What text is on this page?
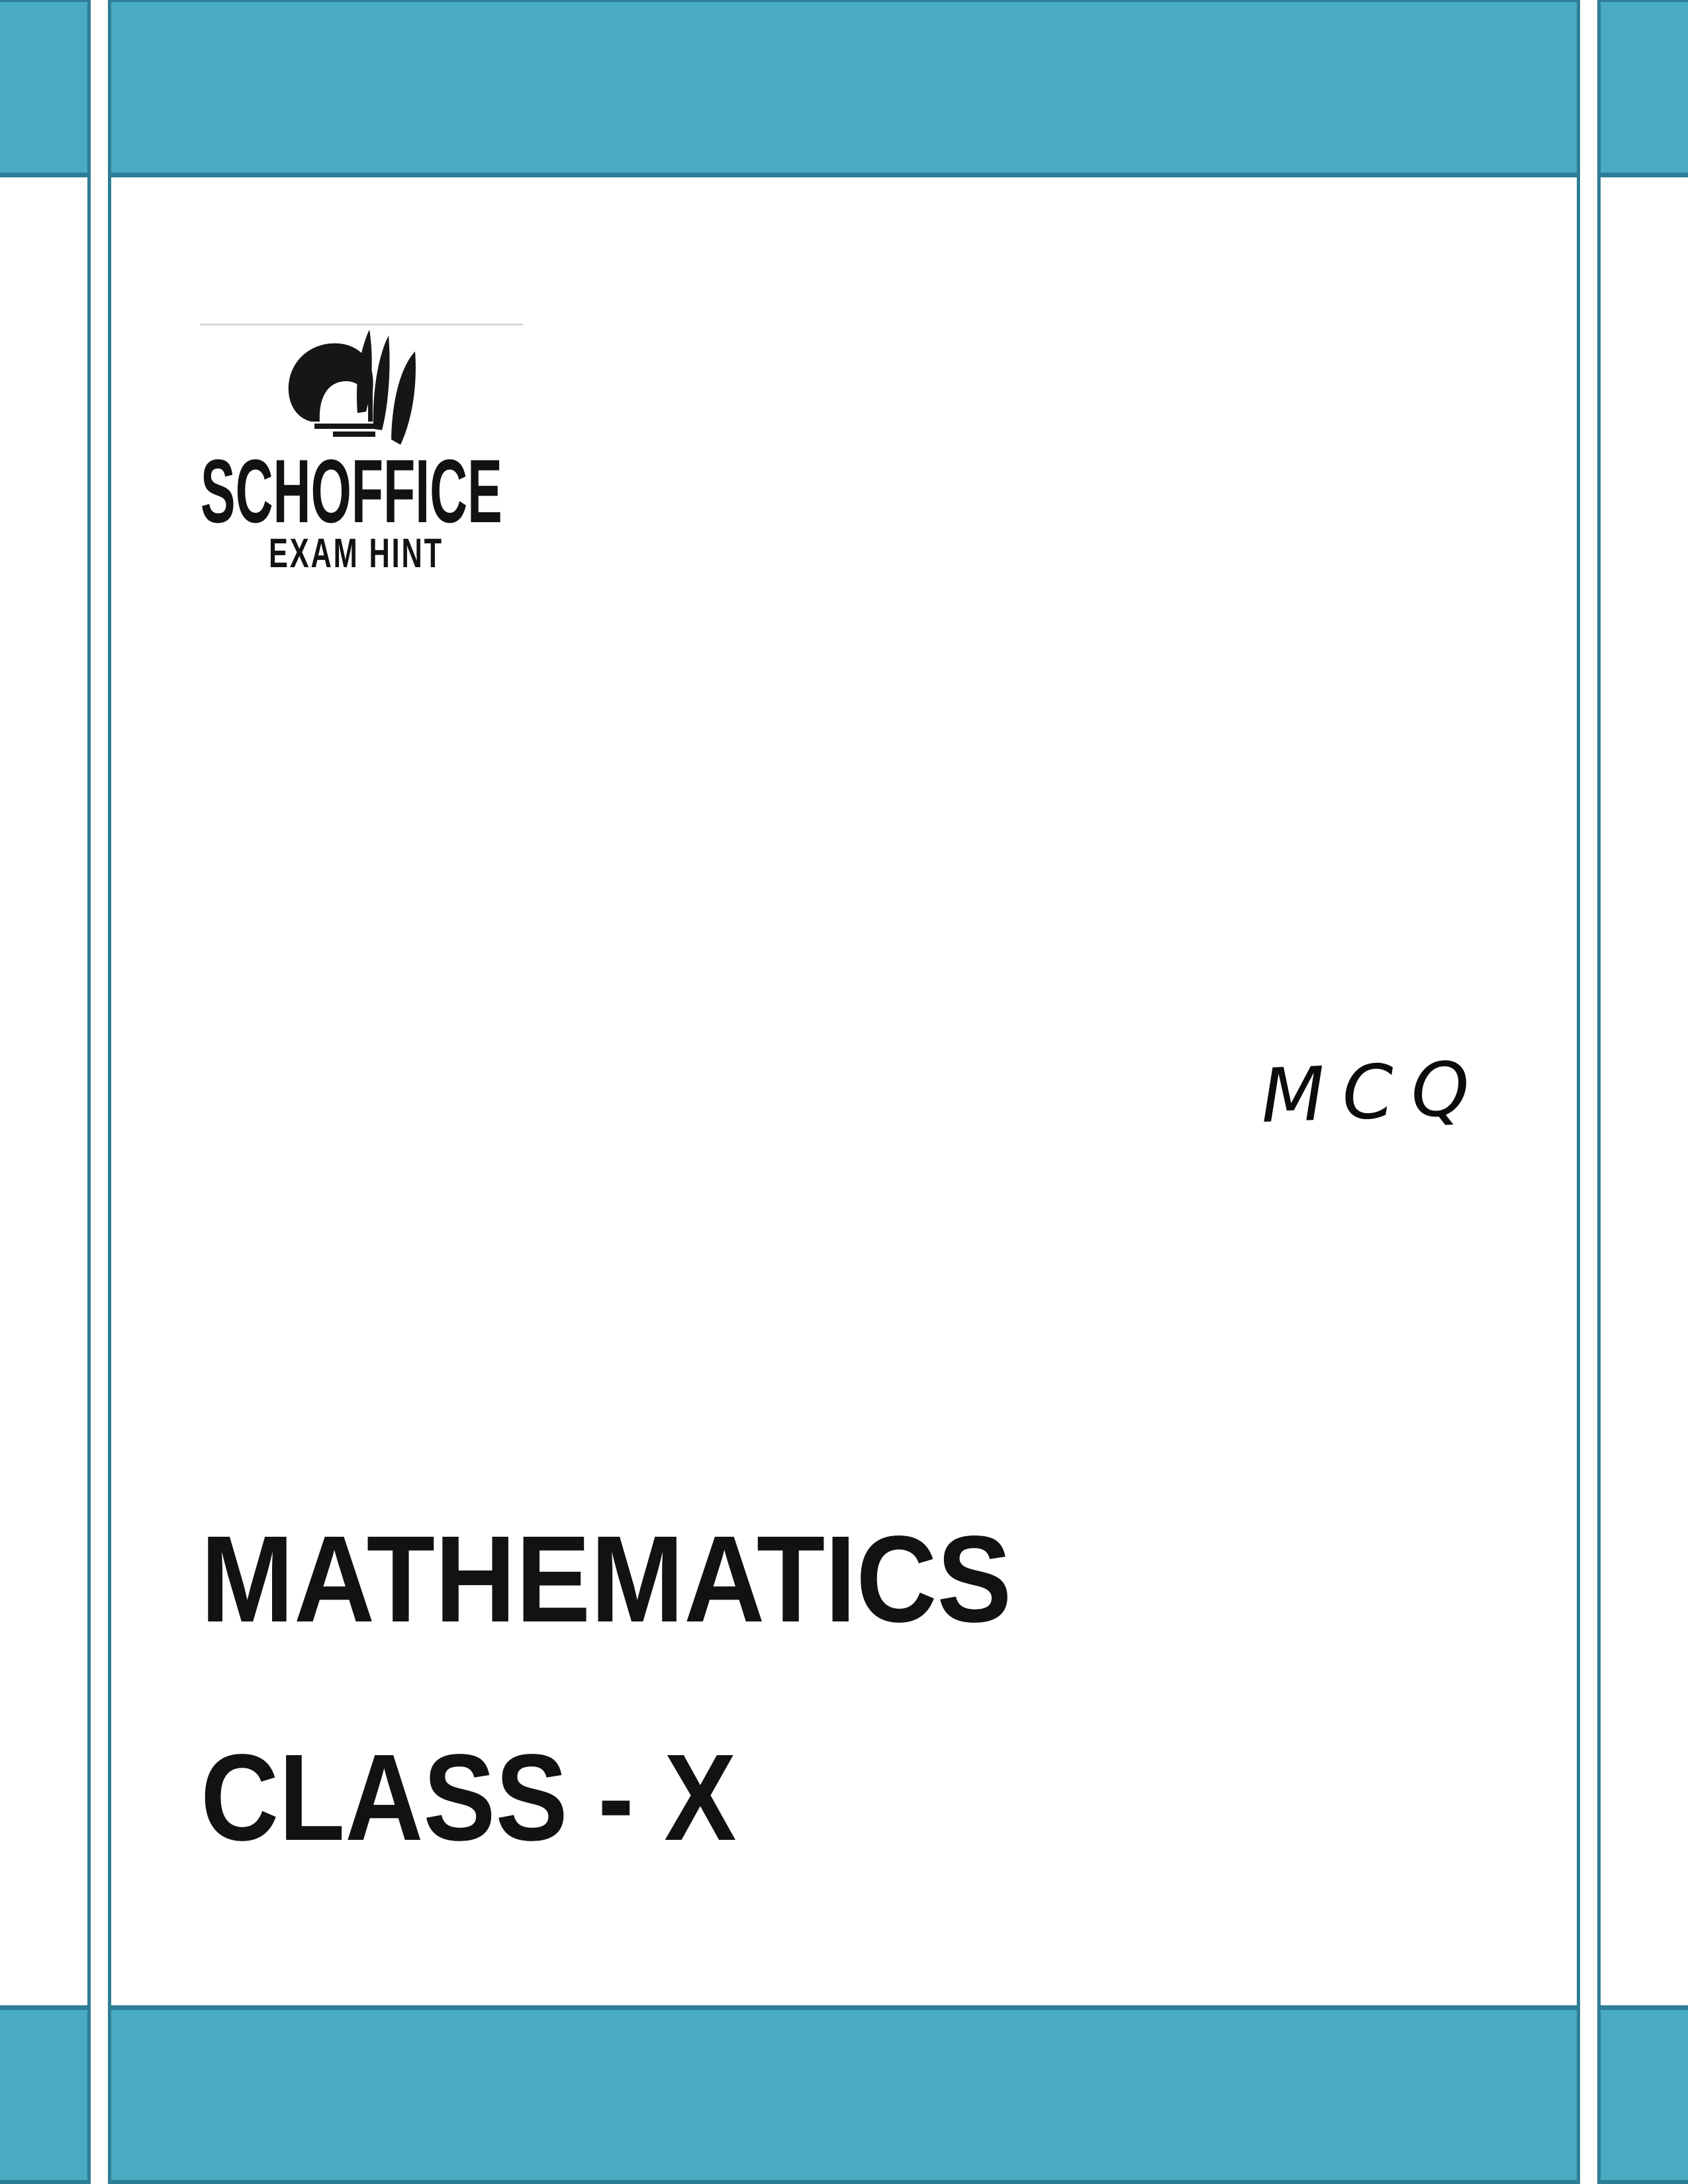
SCHOFFICE
EXAM HINT
MCQ
MATHEMATICS
CLASS - X
